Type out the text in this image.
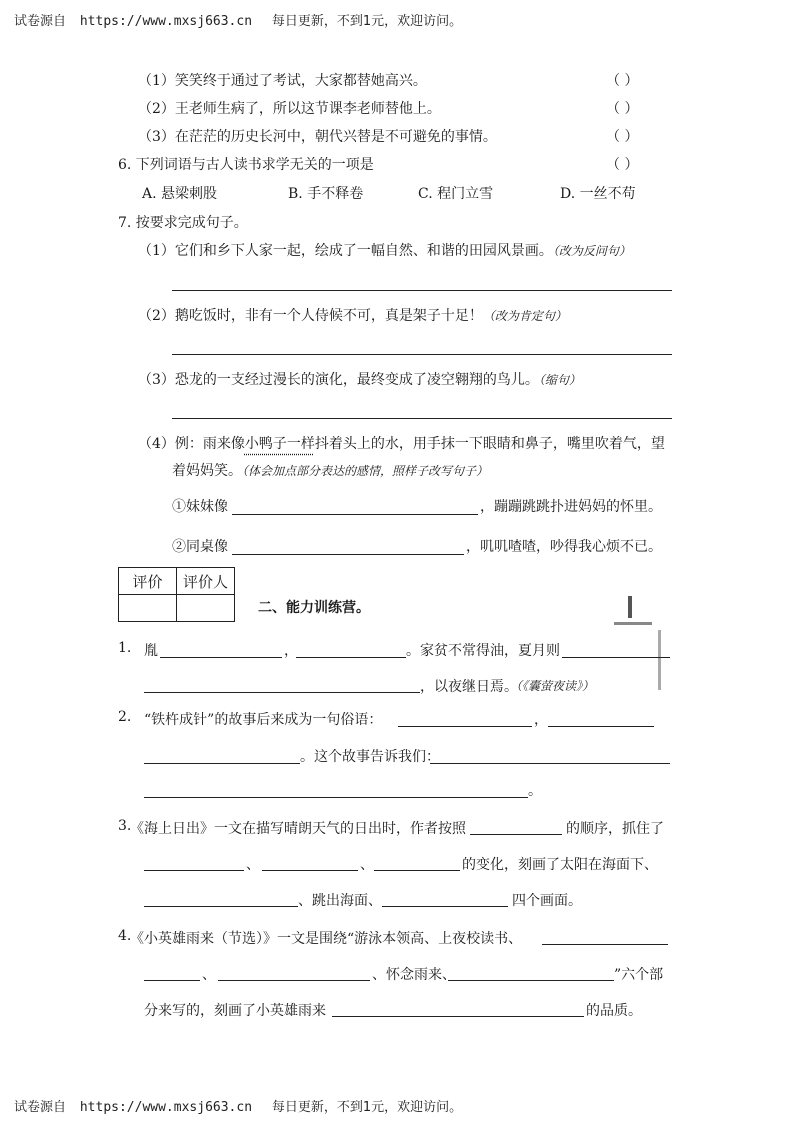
试卷源自 https://www.mxsj663.cn 每日更新，不到1元，欢迎访问。
（1）笑笑终于通过了考试，大家都替她高兴。	（ ）
（2）王老师生病了，所以这节课李老师替他上。	（ ）
（3）在茫茫的历史长河中，朝代兴替是不可避免的事情。	（ ）
6. 下列词语与古人读书求学无关的一项是	（ ）
A. 悬梁刺股	B. 手不释卷	C. 程门立雪	D. 一丝不苟
7. 按要求完成句子。
（1）它们和乡下人家一起，绘成了一幅自然、和谐的田园风景画。（改为反问句）
（2）鹅吃饭时，非有一个人侍候不可，真是架子十足！（改为肯定句）
（3）恐龙的一支经过漫长的演化，最终变成了凌空翱翔的鸟儿。（缩句）
（4）例：雨来像小鸭子一样抖着头上的水，用手抹一下眼睛和鼻子，嘴里吹着气，望
着妈妈笑。（体会加点部分表达的感情，照样子改写句子）
①妹妹像	，蹦蹦跳跳扑进妈妈的怀里。
②同桌像	，叽叽喳喳，吵得我心烦不已。
评价	评价人

二、能力训练营。
1. 胤	，	。家贫不常得油，夏月则
，以夜继日焉。
（《囊萤夜读》）
2. “铁杵成针”的故事后来成为一句俗语：	，
。这个故事告诉我们：
。
3.
《海上日出》一文在描写晴朗天气的日出时，作者按照	的顺序，抓住了
、	、	的变化，刻画了太阳在海面下、
、跳出海面、	四个画面。
4.
《小英雄雨来（节选）》一文是围绕“游泳本领高、上夜校读书、
、	、怀念雨来、	”六个部
分来写的，刻画了小英雄雨来	的品质。
试卷源自 https://www.mxsj663.cn 每日更新，不到1元，欢迎访问。
